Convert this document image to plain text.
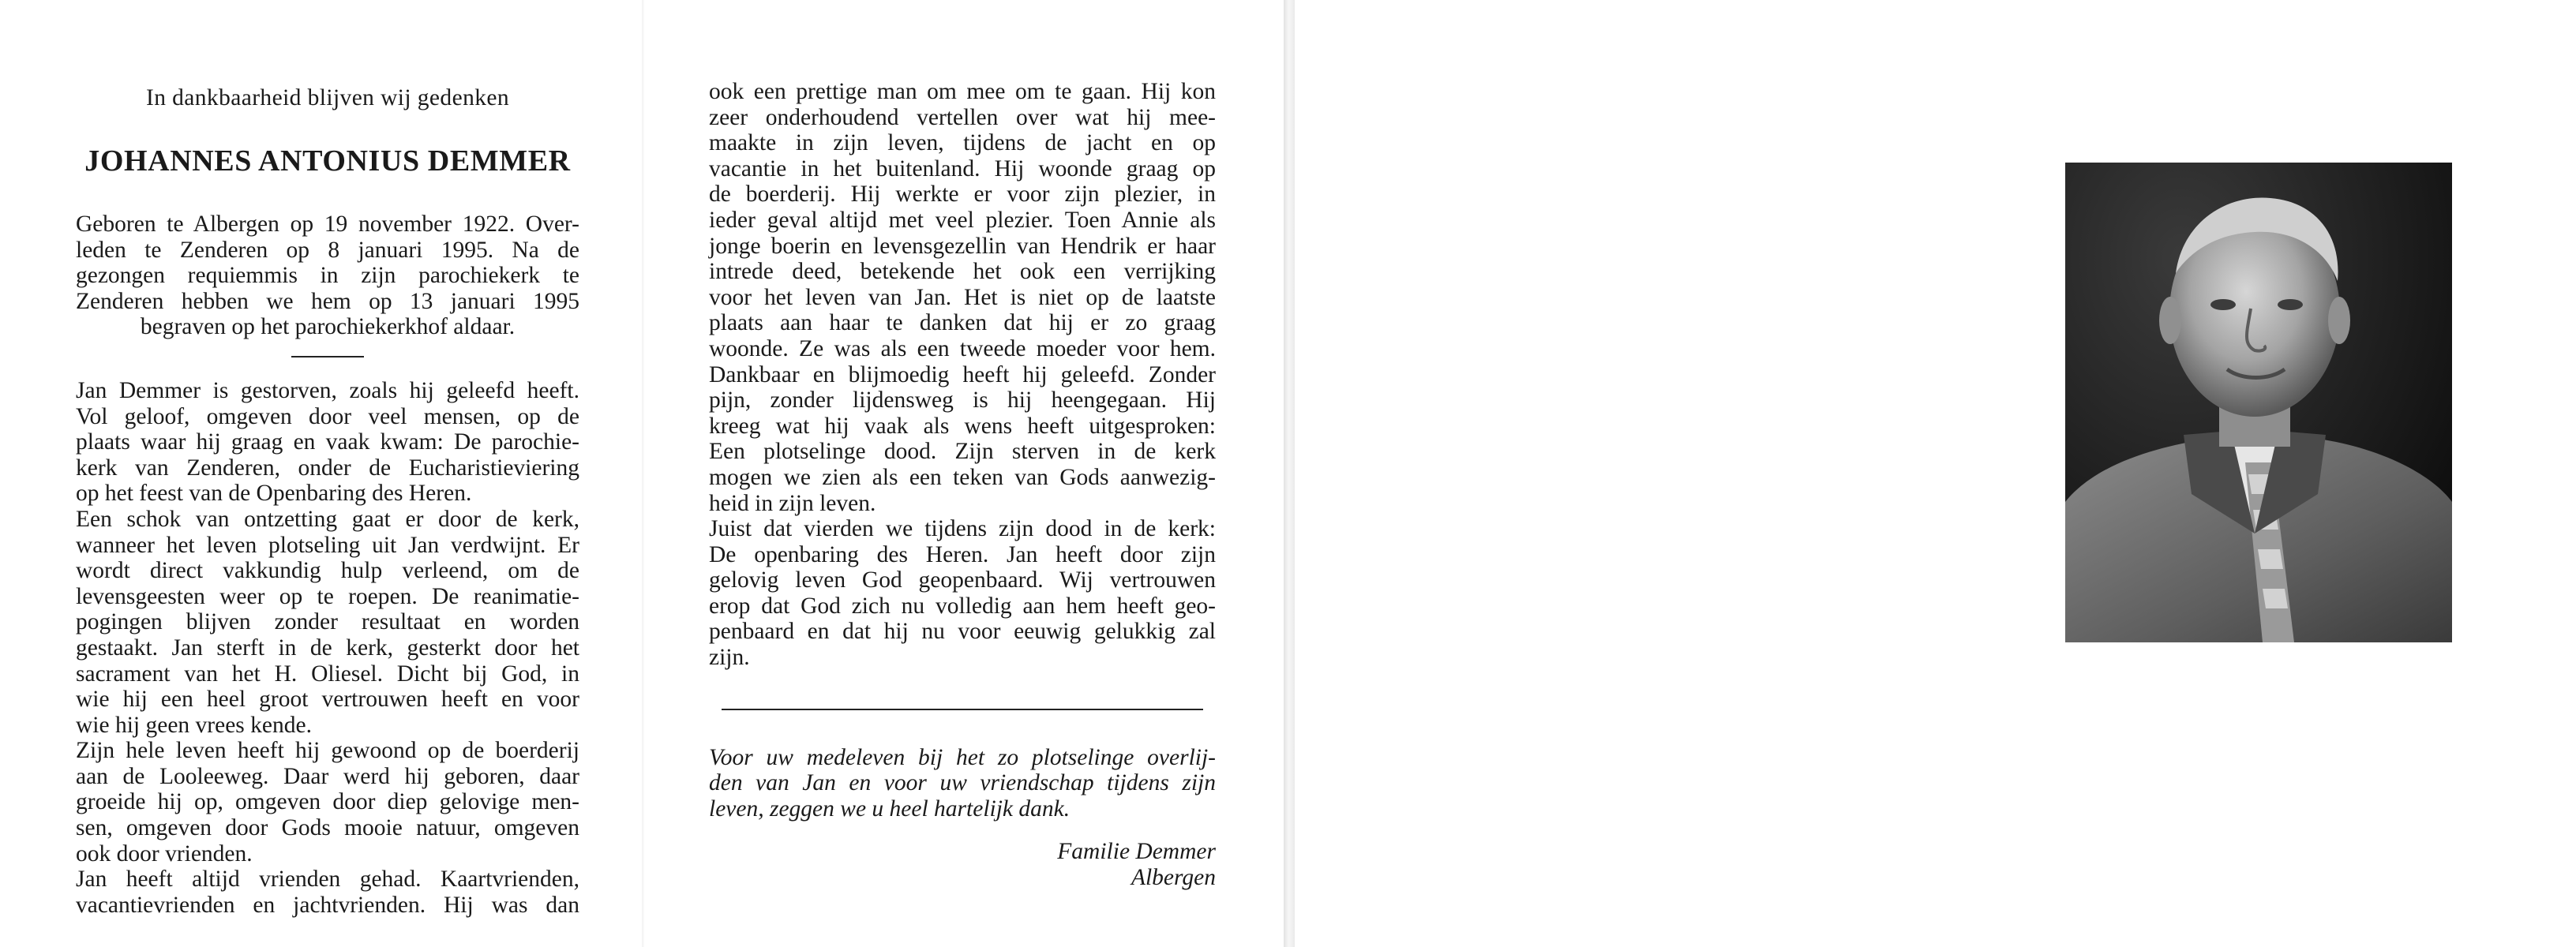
In dankbaarheid blijven wij gedenken
JOHANNES ANTONIUS DEMMER
Geboren te Albergen op 19 november 1922. Over-
leden te Zenderen op 8 januari 1995. Na de
gezongen requiemmis in zijn parochiekerk te
Zenderen hebben we hem op 13 januari 1995
begraven op het parochiekerkhof aldaar.
Jan Demmer is gestorven, zoals hij geleefd heeft.
Vol geloof, omgeven door veel mensen, op de
plaats waar hij graag en vaak kwam: De parochie-
kerk van Zenderen, onder de Eucharistieviering
op het feest van de Openbaring des Heren.
Een schok van ontzetting gaat er door de kerk,
wanneer het leven plotseling uit Jan verdwijnt. Er
wordt direct vakkundig hulp verleend, om de
levensgeesten weer op te roepen. De reanimatie-
pogingen blijven zonder resultaat en worden
gestaakt. Jan sterft in de kerk, gesterkt door het
sacrament van het H. Oliesel. Dicht bij God, in
wie hij een heel groot vertrouwen heeft en voor
wie hij geen vrees kende.
Zijn hele leven heeft hij gewoond op de boerderij
aan de Looleeweg. Daar werd hij geboren, daar
groeide hij op, omgeven door diep gelovige men-
sen, omgeven door Gods mooie natuur, omgeven
ook door vrienden.
Jan heeft altijd vrienden gehad. Kaartvrienden,
vacantievrienden en jachtvrienden. Hij was dan
ook een prettige man om mee om te gaan. Hij kon
zeer onderhoudend vertellen over wat hij mee-
maakte in zijn leven, tijdens de jacht en op
vacantie in het buitenland. Hij woonde graag op
de boerderij. Hij werkte er voor zijn plezier, in
ieder geval altijd met veel plezier. Toen Annie als
jonge boerin en levensgezellin van Hendrik er haar
intrede deed, betekende het ook een verrijking
voor het leven van Jan. Het is niet op de laatste
plaats aan haar te danken dat hij er zo graag
woonde. Ze was als een tweede moeder voor hem.
Dankbaar en blijmoedig heeft hij geleefd. Zonder
pijn, zonder lijdensweg is hij heengegaan. Hij
kreeg wat hij vaak als wens heeft uitgesproken:
Een plotselinge dood. Zijn sterven in de kerk
mogen we zien als een teken van Gods aanwezig-
heid in zijn leven.
Juist dat vierden we tijdens zijn dood in de kerk:
De openbaring des Heren. Jan heeft door zijn
gelovig leven God geopenbaard. Wij vertrouwen
erop dat God zich nu volledig aan hem heeft geo-
penbaard en dat hij nu voor eeuwig gelukkig zal
zijn.
Voor uw medeleven bij het zo plotselinge overlij-
den van Jan en voor uw vriendschap tijdens zijn
leven, zeggen we u heel hartelijk dank.
Familie Demmer
Albergen
